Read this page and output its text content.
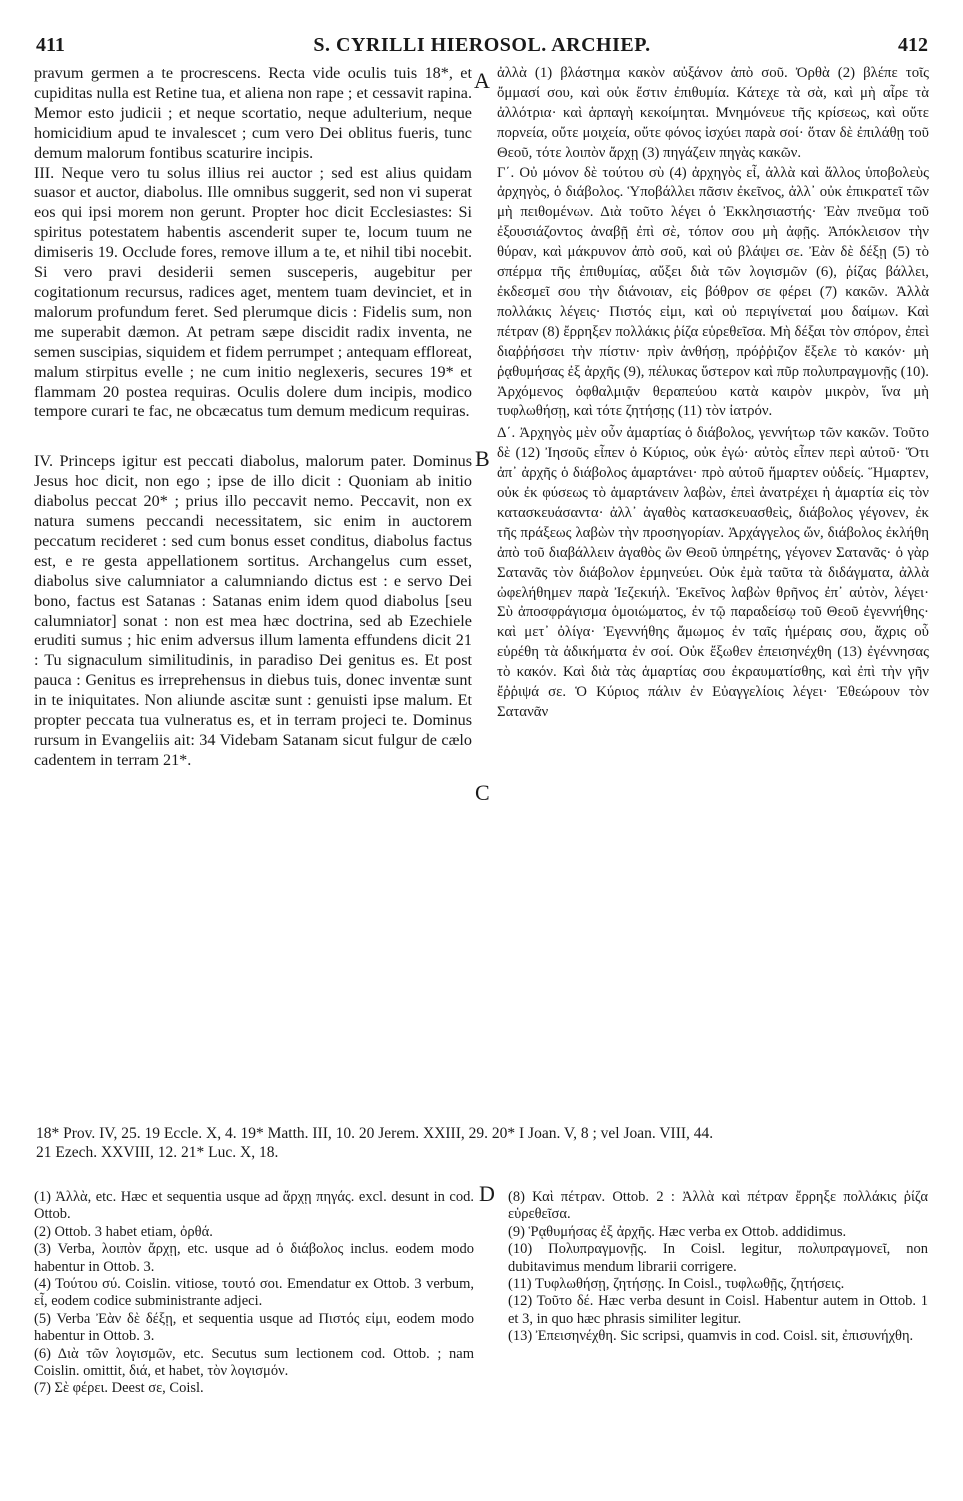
411	S. CYRILLI HIEROSOL. ARCHIEP.	412

pravum germen a te procrescens. Recta vide oculis tuis 18*, et cupiditas nulla est Retine tua, et aliena non rape ; et cessavit rapina. Memor esto judicii ; et neque scortatio, neque adulterium, neque homicidium apud te invalescet ; cum vero Dei oblitus fueris, tunc demum malorum fontibus scaturire incipis.

III. Neque vero tu solus illius rei auctor ; sed est alius quidam suasor et auctor, diabolus. Ille omnibus suggerit, sed non vi superat eos qui ipsi morem non gerunt. Propter hoc dicit Ecclesiastes: Si spiritus potestatem habentis ascenderit super te, locum tuum ne dimiseris 19. Occlude fores, remove illum a te, et nihil tibi nocebit. Si vero pravi desiderii semen susceperis, augebitur per cogitationum recursus, radices aget, mentem tuam devinciet, et in malorum profundum feret. Sed plerumque dicis : Fidelis sum, non me superabit dæmon. At petram sæpe discidit radix inventa, ne semen suscipias, siquidem et fidem perrumpet ; antequam effloreat, malum stirpitus evelle ; ne cum initio neglexeris, secures 19* et flammam 20 postea requiras. Oculis dolere dum incipis, modico tempore curari te fac, ne obcæcatus tum demum medicum requiras.

IV. Princeps igitur est peccati diabolus, malorum pater. Dominus Jesus hoc dicit, non ego ; ipse de illo dicit : Quoniam ab initio diabolus peccat 20* ; prius illo peccavit nemo. Peccavit, non ex natura sumens peccandi necessitatem, sic enim in auctorem peccatum recideret : sed cum bonus esset conditus, diabolus factus est, e re gesta appellationem sortitus. Archangelus cum esset, diabolus sive calumniator a calumniando dictus est : e servo Dei bono, factus est Satanas : Satanas enim idem quod diabolus [seu calumniator] sonat : non est mea hæc doctrina, sed ab Ezechiele eruditi sumus ; hic enim adversus illum lamenta effundens dicit 21 : Tu signaculum similitudinis, in paradiso Dei genitus es. Et post pauca : Genitus es irreprehensus in diebus tuis, donec inventæ sunt in te iniquitates. Non aliunde ascitæ sunt : genuisti ipse malum. Et propter peccata tua vulneratus es, et in terram projeci te. Dominus rursum in Evangeliis ait: 34 Videbam Satanam sicut fulgur de cælo cadentem in terram 21*.

A
B
C
D

ἀλλὰ (1) βλάστημα κακὸν αὐξάνον ἀπὸ σοῦ. Ὀρθὰ (2) βλέπε τοῖς ὄμμασί σου, καὶ οὐκ ἔστιν ἐπιθυμία. Κάτεχε τὰ σὰ, καὶ μὴ αἶρε τὰ ἀλλότρια· καὶ ἁρπαγὴ κεκοίμηται. Μνημόνευε τῆς κρίσεως, καὶ οὔτε πορνεία, οὔτε μοιχεία, οὔτε φόνος ἰσχύει παρὰ σοί· ὅταν δὲ ἐπιλάθῃ τοῦ Θεοῦ, τότε λοιπὸν ἄρχῃ (3) πηγάζειν πηγὰς κακῶν.

Γ΄. Οὐ μόνον δὲ τούτου σὺ (4) ἀρχηγὸς εἶ, ἀλλὰ καὶ ἄλλος ὑποβολεὺς ἀρχηγὸς, ὁ διάβολος. Ὑποβάλλει πᾶσιν ἐκεῖνος, ἀλλ᾽ οὐκ ἐπικρατεῖ τῶν μὴ πειθομένων. Διὰ τοῦτο λέγει ὁ Ἐκκλησιαστής· Ἐὰν πνεῦμα τοῦ ἐξουσιάζοντος ἀναβῇ ἐπὶ σὲ, τόπον σου μὴ ἀφῇς. Ἀπόκλεισον τὴν θύραν, καὶ μάκρυνον ἀπὸ σοῦ, καὶ οὐ βλάψει σε. Ἐὰν δὲ δέξῃ (5) τὸ σπέρμα τῆς ἐπιθυμίας, αὔξει διὰ τῶν λογισμῶν (6), ῥίζας βάλλει, ἐκδεσμεῖ σου τὴν διάνοιαν, εἰς βόθρον σε φέρει (7) κακῶν. Ἀλλὰ πολλάκις λέγεις· Πιστός εἰμι, καὶ οὐ περιγίνεταί μου δαίμων. Καὶ πέτραν (8) ἔρρηξεν πολλάκις ῥίζα εὑρεθεῖσα. Μὴ δέξαι τὸν σπόρον, ἐπεὶ διαῤῥήσσει τὴν πίστιν· πρὶν ἀνθήσῃ, πρόῤῥιζον ἔξελε τὸ κακόν· μὴ ῥᾳθυμήσας ἐξ ἀρχῆς (9), πέλυκας ὕστερον καὶ πῦρ πολυπραγμονῇς (10). Ἀρχόμενος ὀφθαλμιᾷν θεραπεύου κατὰ καιρὸν μικρὸν, ἵνα μὴ τυφλωθήσῃ, καὶ τότε ζητήσῃς (11) τὸν ἰατρόν.

Δ΄. Ἀρχηγὸς μὲν οὖν ἁμαρτίας ὁ διάβολος, γεννήτωρ τῶν κακῶν. Τοῦτο δὲ (12) Ἰησοῦς εἶπεν ὁ Κύριος, οὐκ ἐγώ· αὐτὸς εἶπεν περὶ αὐτοῦ· Ὅτι ἀπ᾽ ἀρχῆς ὁ διάβολος ἁμαρτάνει· πρὸ αὐτοῦ ἥμαρτεν οὐδείς. Ἥμαρτεν, οὐκ ἐκ φύσεως τὸ ἁμαρτάνειν λαβὼν, ἐπεὶ ἀνατρέχει ἡ ἁμαρτία εἰς τὸν κατασκευάσαντα· ἀλλ᾽ ἀγαθὸς κατασκευασθεὶς, διάβολος γέγονεν, ἐκ τῆς πράξεως λαβὼν τὴν προσηγορίαν. Ἀρχάγγελος ὤν, διάβολος ἐκλήθη ἀπὸ τοῦ διαβάλλειν ἀγαθὸς ὢν Θεοῦ ὑπηρέτης, γέγονεν Σατανᾶς· ὁ γὰρ Σατανᾶς τὸν διάβολον ἑρμηνεύει. Οὐκ ἐμὰ ταῦτα τὰ διδάγματα, ἀλλὰ ὠφελήθημεν παρὰ Ἰεζεκιήλ. Ἐκεῖνος λαβὼν θρῆνος ἐπ᾽ αὐτὸν, λέγει· Σὺ ἀποσφράγισμα ὁμοιώματος, ἐν τῷ παραδείσῳ τοῦ Θεοῦ ἐγεννήθης· καὶ μετ᾽ ὀλίγα· Ἐγεννήθης ἄμωμος ἐν ταῖς ἡμέραις σου, ἄχρις οὗ εὑρέθη τὰ ἀδικήματα ἐν σοί. Οὐκ ἔξωθεν ἐπεισηνέχθη (13) ἐγέννησας τὸ κακόν. Καὶ διὰ τὰς ἁμαρτίας σου ἐκραυματίσθης, καὶ ἐπὶ τὴν γῆν ἔῤῥιψά σε. Ὁ Κύριος πάλιν ἐν Εὐαγγελίοις λέγει· Ἐθεώρουν τὸν Σατανᾶν

18* Prov. IV, 25. 19 Eccle. X, 4. 19* Matth. III, 10. 20 Jerem. XXIII, 29. 20* I Joan. V, 8 ; vel Joan. VIII, 44.
21 Ezech. XXVIII, 12. 21* Luc. X, 18.

(1) Ἀλλὰ, etc. Hæc et sequentia usque ad ἄρχῃ πηγάς. excl. desunt in cod. Ottob.

(2) Ottob. 3 habet etiam, ὀρθά.

(3) Verba, λοιπὸν ἄρχῃ, etc. usque ad ὁ διάβολος inclus. eodem modo habentur in Ottob. 3.

(4) Τούτου σύ. Coislin. vitiose, τουτό σοι. Emendatur ex Ottob. 3 verbum, εἶ, eodem codice subministrante adjeci.

(5) Verba Ἐὰν δὲ δέξῃ, et sequentia usque ad Πιστός εἰμι, eodem modo habentur in Ottob. 3.

(6) Διὰ τῶν λογισμῶν, etc. Secutus sum lectionem cod. Ottob. ; nam Coislin. omittit, διά, et habet, τὸν λογισμόν.

(7) Σὲ φέρει. Deest σε, Coisl.

(8) Καὶ πέτραν. Ottob. 2 : Ἀλλὰ καὶ πέτραν ἔρρηξε πολλάκις ῥίζα εὑρεθεῖσα.

(9) Ῥᾳθυμήσας ἐξ ἀρχῆς. Hæc verba ex Ottob. addidimus.

(10) Πολυπραγμονῇς. In Coisl. legitur, πολυπραγμονεῖ, non dubitavimus mendum librarii corrigere.

(11) Τυφλωθήσῃ, ζητήσῃς. In Coisl., τυφλωθῇς, ζητήσεις.

(12) Τοῦτο δέ. Hæc verba desunt in Coisl. Habentur autem in Ottob. 1 et 3, in quo hæc phrasis similiter legitur.

(13) Ἐπεισηνέχθη. Sic scripsi, quamvis in cod. Coisl. sit, ἐπισυνήχθη.
